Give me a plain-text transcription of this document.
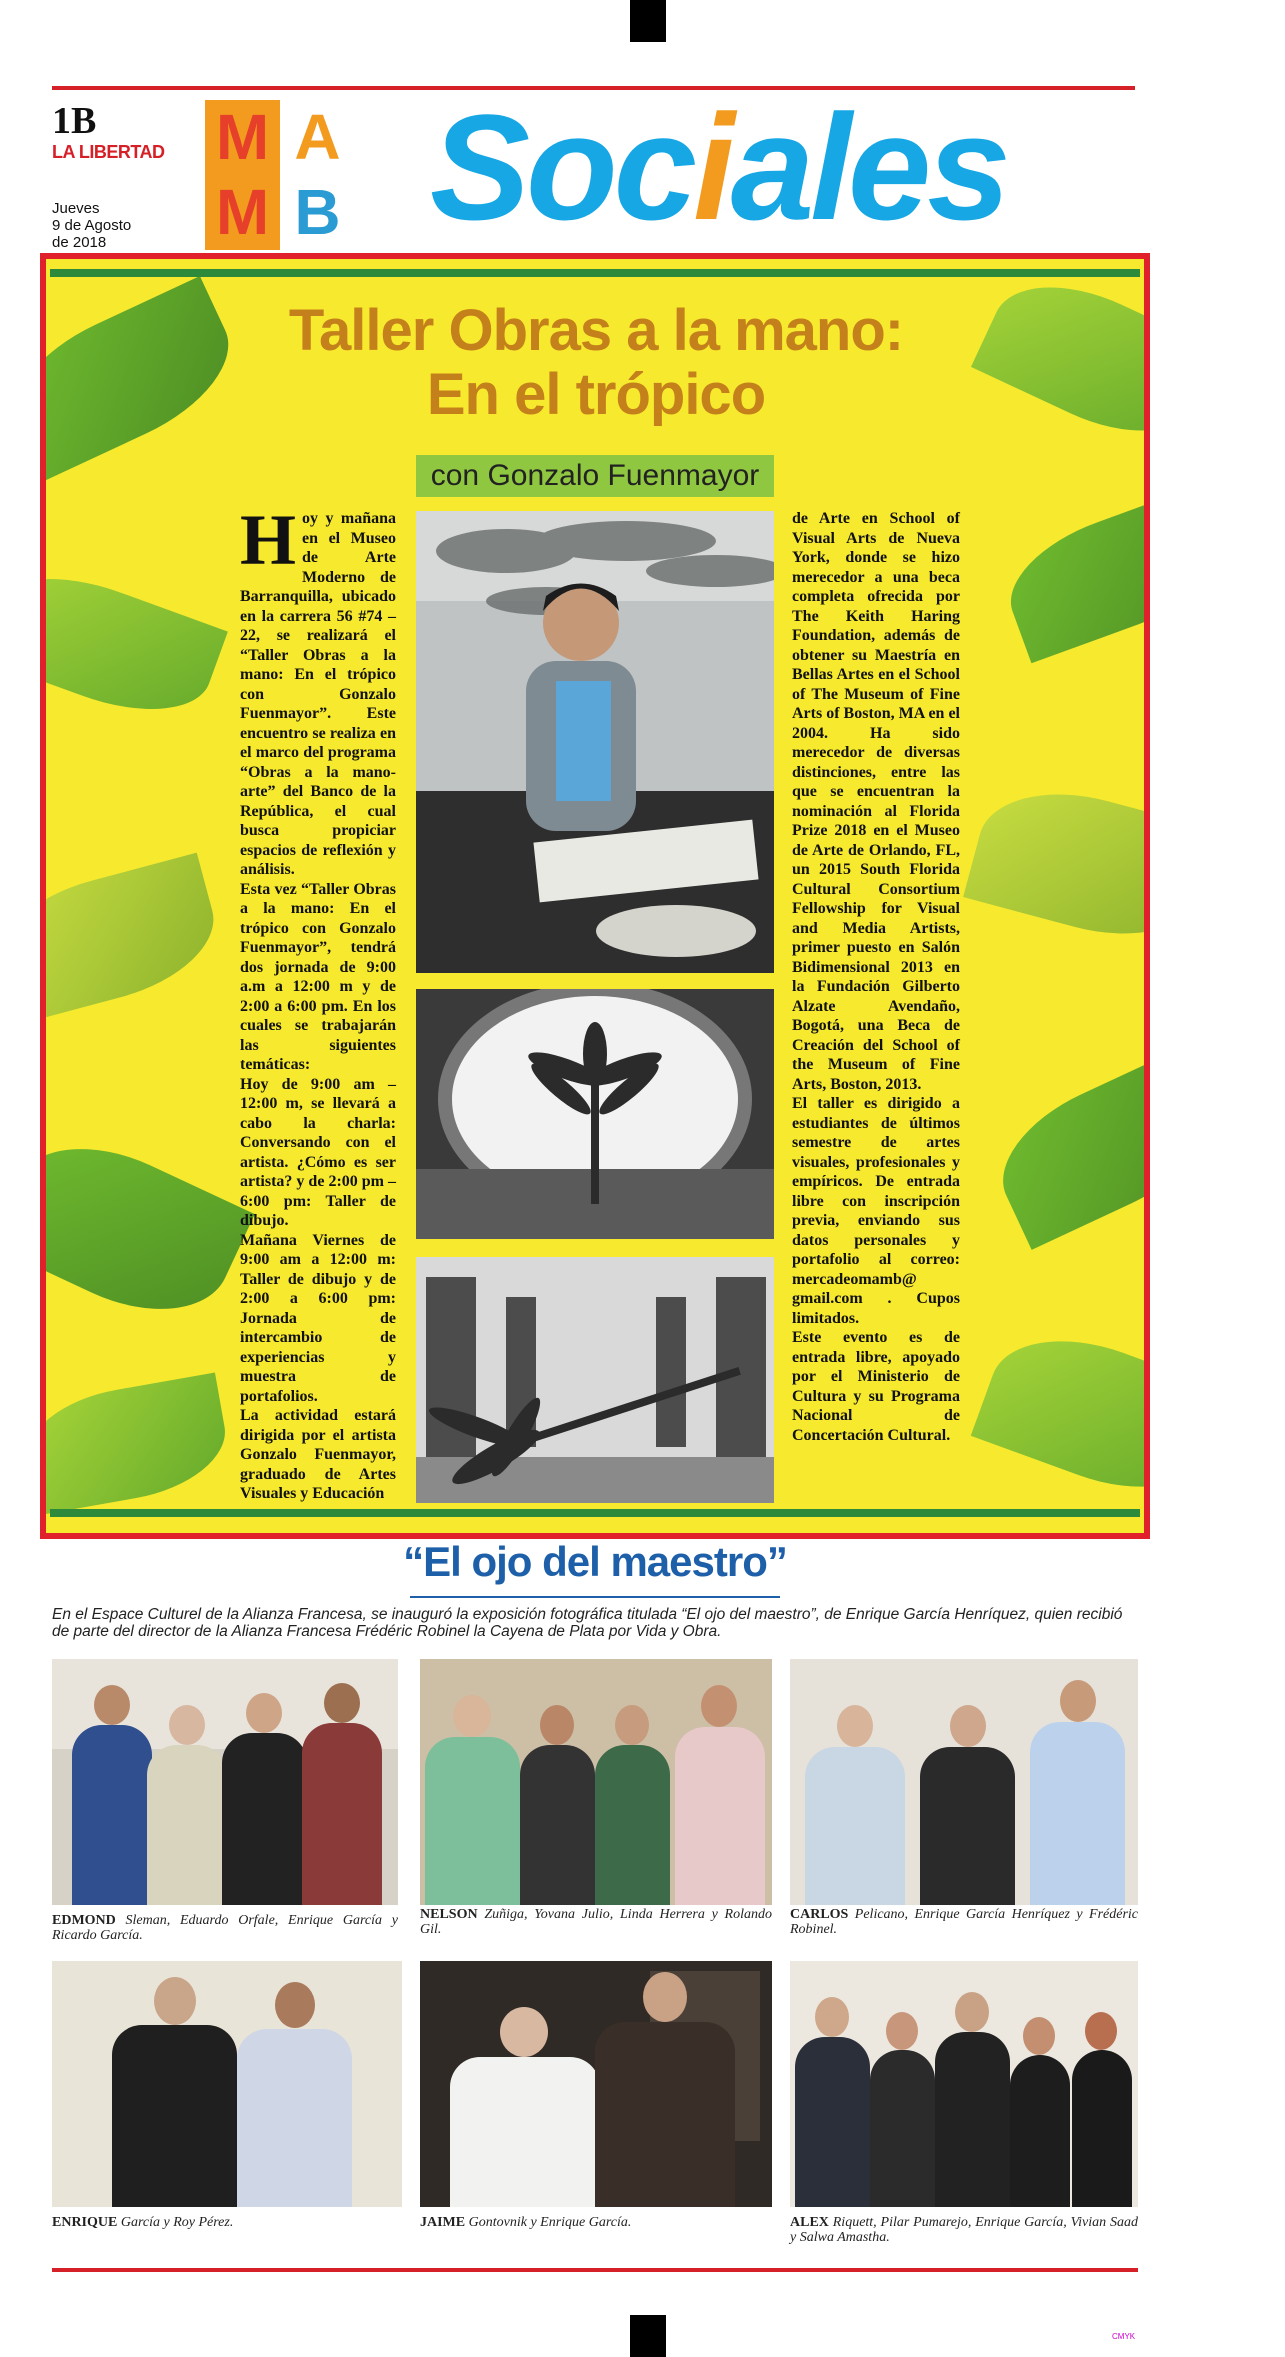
1B
LA LIBERTAD
Jueves
9 de Agosto
de 2018
M A
M B Sociales
Taller Obras a la mano:
En el trópico
con Gonzalo Fuenmayor

Hoy y mañana en el Museo de Arte Moderno de Barranquilla, ubicado en la carrera 56 #74 – 22, se realizará el “Taller Obras a la mano: En el trópico con Gonzalo Fuenmayor”. Este encuentro se realiza en el marco del programa “Obras a la mano- arte” del Banco de la República, el cual busca propiciar espacios de reflexión y análisis.

Esta vez “Taller Obras a la mano: En el trópico con Gonzalo Fuenmayor”, tendrá dos jornada de 9:00 a.m a 12:00 m y de 2:00 a 6:00 pm. En los cuales se trabajarán las siguientes temáticas:

Hoy de 9:00 am – 12:00 m, se llevará a cabo la charla: Conversando con el artista. ¿Cómo es ser artista? y de 2:00 pm – 6:00 pm: Taller de dibujo.

Mañana Viernes de 9:00 am a 12:00 m: Taller de dibujo y de 2:00 a 6:00 pm: Jornada de intercambio de experiencias y muestra de portafolios.

La actividad estará dirigida por el artista Gonzalo Fuenmayor, graduado de Artes Visuales y Educación

de Arte en School of Visual Arts de Nueva York, donde se hizo merecedor a una beca completa ofrecida por The Keith Haring Foundation, además de obtener su Maestría en Bellas Artes en el School of The Museum of Fine Arts of Boston, MA en el 2004. Ha sido merecedor de diversas distinciones, entre las que se encuentran la nominación al Florida Prize 2018 en el Museo de Arte de Orlando, FL, un 2015 South Florida Cultural Consortium Fellowship for Visual and Media Artists, primer puesto en Salón Bidimensional 2013 en la Fundación Gilberto Alzate Avendaño, Bogotá, una Beca de Creación del School of the Museum of Fine Arts, Boston, 2013.

El taller es dirigido a estudiantes de últimos semestre de artes visuales, profesionales y empíricos. De entrada libre con inscripción previa, enviando sus datos personales y portafolio al correo: mercadeomamb@ gmail.com . Cupos limitados.

Este evento es de entrada libre, apoyado por el Ministerio de Cultura y su Programa Nacional de Concertación Cultural.

“El ojo del maestro”
En el Espace Culturel de la Alianza Francesa, se inauguró la exposición fotográfica titulada “El ojo del maestro”, de Enrique García Henríquez, quien recibió de parte del director de la Alianza Francesa Frédéric Robinel la Cayena de Plata por Vida y Obra.
EDMOND Sleman, Eduardo Orfale, Enrique García y Ricardo García.
NELSON Zuñiga, Yovana Julio, Linda Herrera y Rolando Gil.
CARLOS Pelicano, Enrique García Henríquez y Frédéric Robinel.
ENRIQUE García y Roy Pérez.	JAIME Gontovnik y Enrique García.	ALEX Riquett, Pilar Pumarejo, Enrique García, Vivian Saad y Salwa Amastha.
CMYK
